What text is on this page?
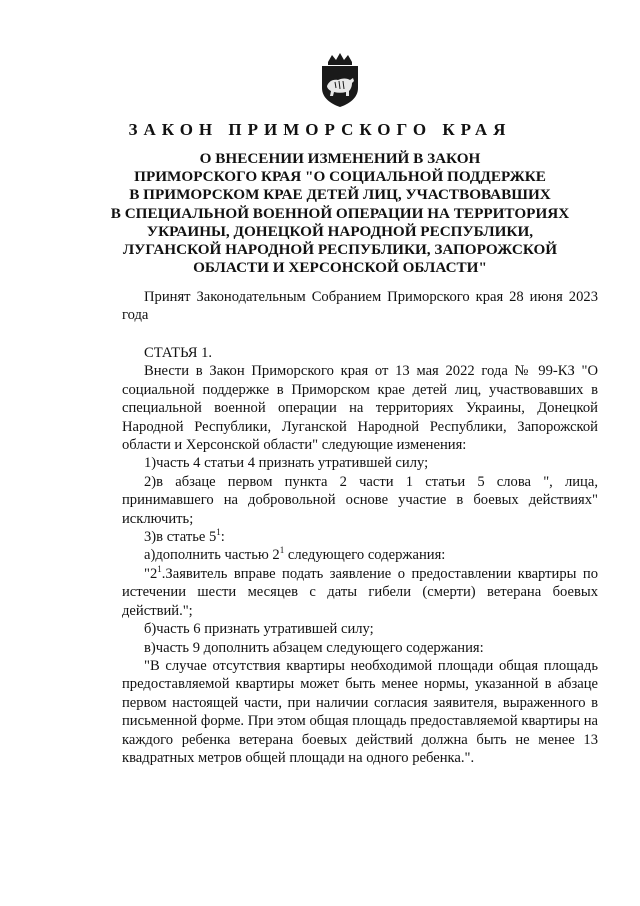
ЗАКОН ПРИМОРСКОГО КРАЯ
О ВНЕСЕНИИ ИЗМЕНЕНИЙ В ЗАКОН
ПРИМОРСКОГО КРАЯ "О СОЦИАЛЬНОЙ ПОДДЕРЖКЕ
В ПРИМОРСКОМ КРАЕ ДЕТЕЙ ЛИЦ, УЧАСТВОВАВШИХ
В СПЕЦИАЛЬНОЙ ВОЕННОЙ ОПЕРАЦИИ НА ТЕРРИТОРИЯХ
УКРАИНЫ, ДОНЕЦКОЙ НАРОДНОЙ РЕСПУБЛИКИ,
ЛУГАНСКОЙ НАРОДНОЙ РЕСПУБЛИКИ, ЗАПОРОЖСКОЙ
ОБЛАСТИ И ХЕРСОНСКОЙ ОБЛАСТИ"

Принят Законодательным Собранием Приморского края 28 июня 2023 года

СТАТЬЯ 1.

Внести в Закон Приморского края от 13 мая 2022 года № 99-КЗ "О социальной поддержке в Приморском крае детей лиц, участвовавших в специальной военной операции на территориях Украины, Донецкой Народной Республики, Луганской Народной Республики, Запорожской области и Херсонской области" следующие изменения:

1)часть 4 статьи 4 признать утратившей силу;

2)в абзаце первом пункта 2 части 1 статьи 5 слова ", лица, принимавшего на добровольной основе участие в боевых действиях" исключить;

3)в статье $5^1$:

а)дополнить частью $2^1$ следующего содержания:

"$2^1.Заявитель$ вправе подать заявление о предоставлении квартиры по истечении шести месяцев с даты гибели (смерти) ветерана боевых действий.";

б)часть 6 признать утратившей силу;

в)часть 9 дополнить абзацем следующего содержания:

"В случае отсутствия квартиры необходимой площади общая площадь предоставляемой квартиры может быть менее нормы, указанной в абзаце первом настоящей части, при наличии согласия заявителя, выраженного в письменной форме. При этом общая площадь предоставляемой квартиры на каждого ребенка ветерана боевых действий должна быть не менее 13 квадратных метров общей площади на одного ребенка.".
